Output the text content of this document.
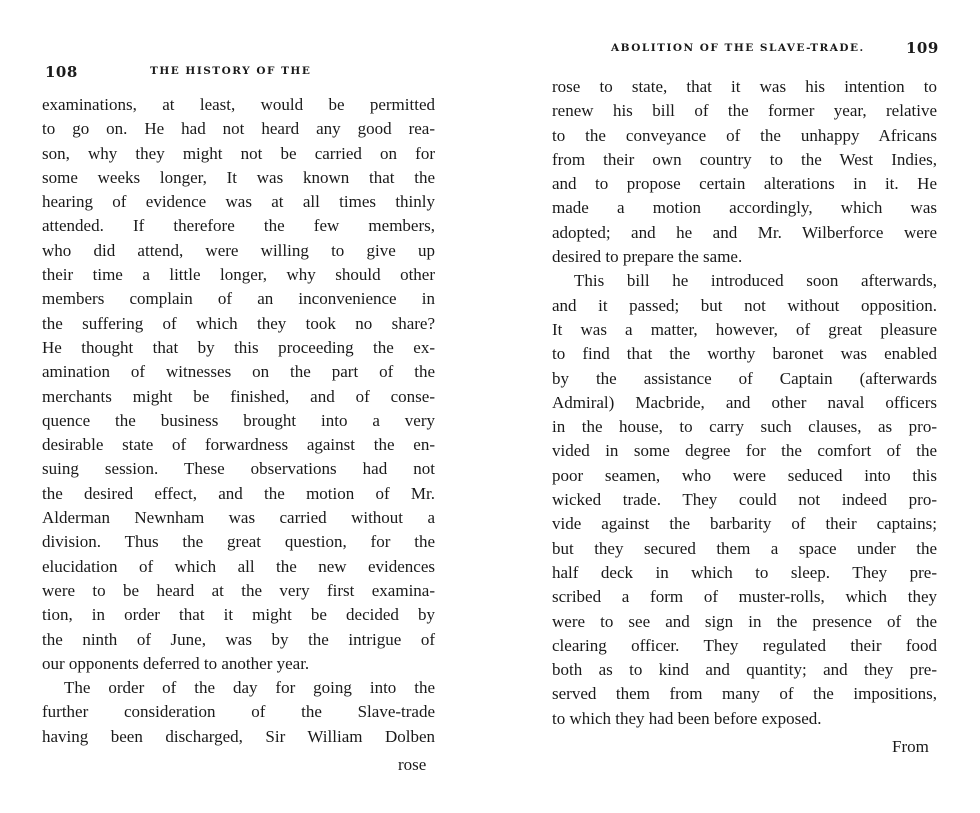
108	THE HISTORY OF THE
examinations, at least, would be permitted
to go on. He had not heard any good rea-
son, why they might not be carried on for
some weeks longer, It was known that the
hearing of evidence was at all times thinly
attended. If therefore the few members,
who did attend, were willing to give up
their time a little longer, why should other
members complain of an inconvenience in
the suffering of which they took no share?
He thought that by this proceeding the ex-
amination of witnesses on the part of the
merchants might be finished, and of conse-
quence the business brought into a very
desirable state of forwardness against the en-
suing session. These observations had not
the desired effect, and the motion of Mr.
Alderman Newnham was carried without a
division. Thus the great question, for the
elucidation of which all the new evidences
were to be heard at the very first examina-
tion, in order that it might be decided by
the ninth of June, was by the intrigue of
our opponents deferred to another year.
The order of the day for going into the
further consideration of the Slave-trade
having been discharged, Sir William Dolben
rose
ABOLITION OF THE SLAVE-TRADE.	109
rose to state, that it was his intention to
renew his bill of the former year, relative
to the conveyance of the unhappy Africans
from their own country to the West Indies,
and to propose certain alterations in it. He
made a motion accordingly, which was
adopted; and he and Mr. Wilberforce were
desired to prepare the same.
This bill he introduced soon afterwards,
and it passed; but not without opposition.
It was a matter, however, of great pleasure
to find that the worthy baronet was enabled
by the assistance of Captain (afterwards
Admiral) Macbride, and other naval officers
in the house, to carry such clauses, as pro-
vided in some degree for the comfort of the
poor seamen, who were seduced into this
wicked trade. They could not indeed pro-
vide against the barbarity of their captains;
but they secured them a space under the
half deck in which to sleep. They pre-
scribed a form of muster-rolls, which they
were to see and sign in the presence of the
clearing officer. They regulated their food
both as to kind and quantity; and they pre-
served them from many of the impositions,
to which they had been before exposed.
From
